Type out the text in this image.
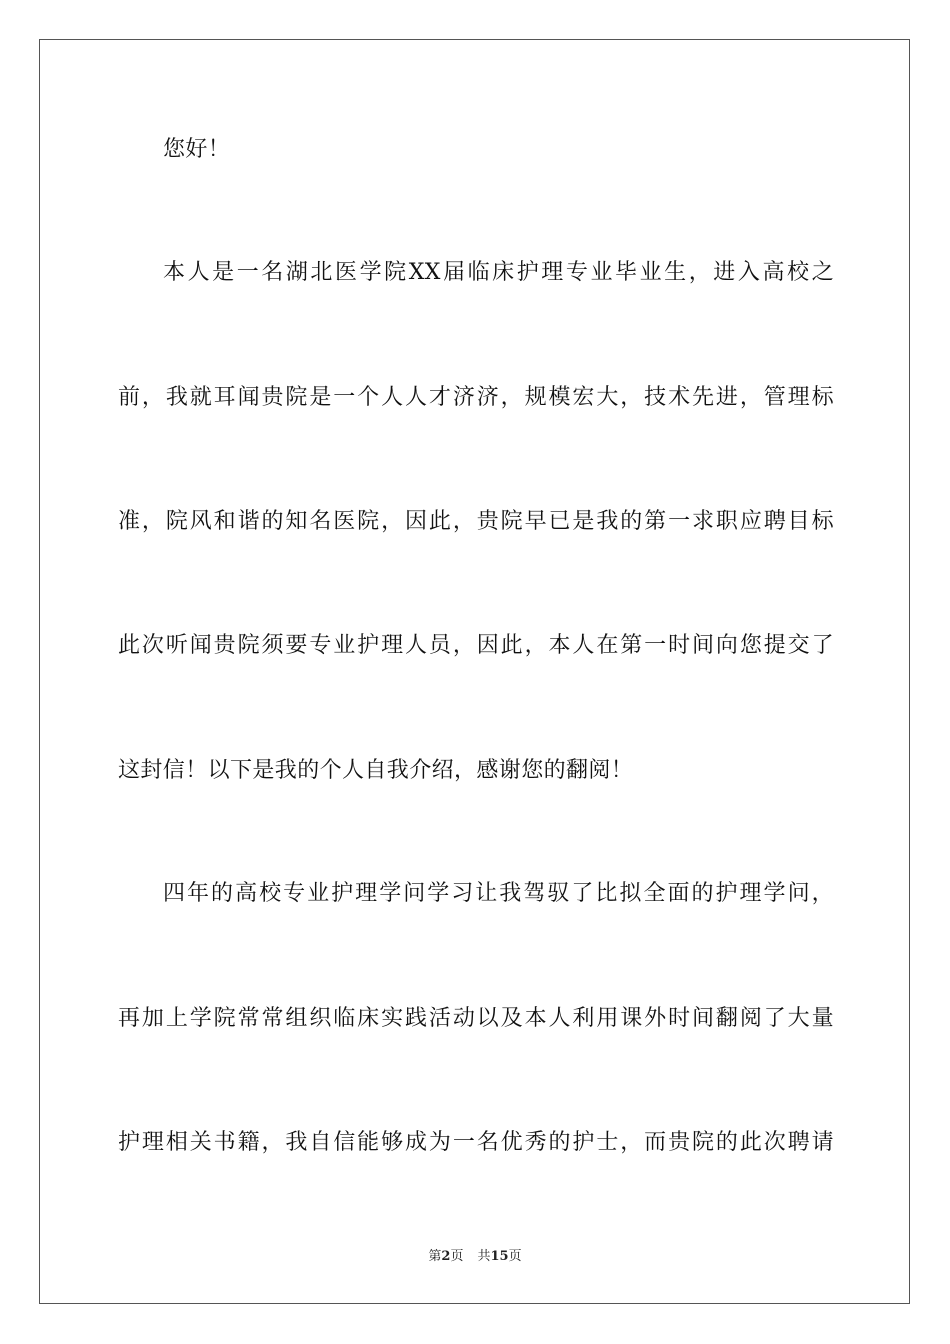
您好！
本人是一名湖北医学院XX届临床护理专业毕业生，进入高校之
前，我就耳闻贵院是一个人人才济济，规模宏大，技术先进，管理标
准，院风和谐的知名医院，因此，贵院早已是我的第一求职应聘目标
此次听闻贵院须要专业护理人员，因此，本人在第一时间向您提交了
这封信！以下是我的个人自我介绍，感谢您的翻阅！
四年的高校专业护理学问学习让我驾驭了比拟全面的护理学问，
再加上学院常常组织临床实践活动以及本人利用课外时间翻阅了大量
护理相关书籍，我自信能够成为一名优秀的护士，而贵院的此次聘请
第2页 共15页
